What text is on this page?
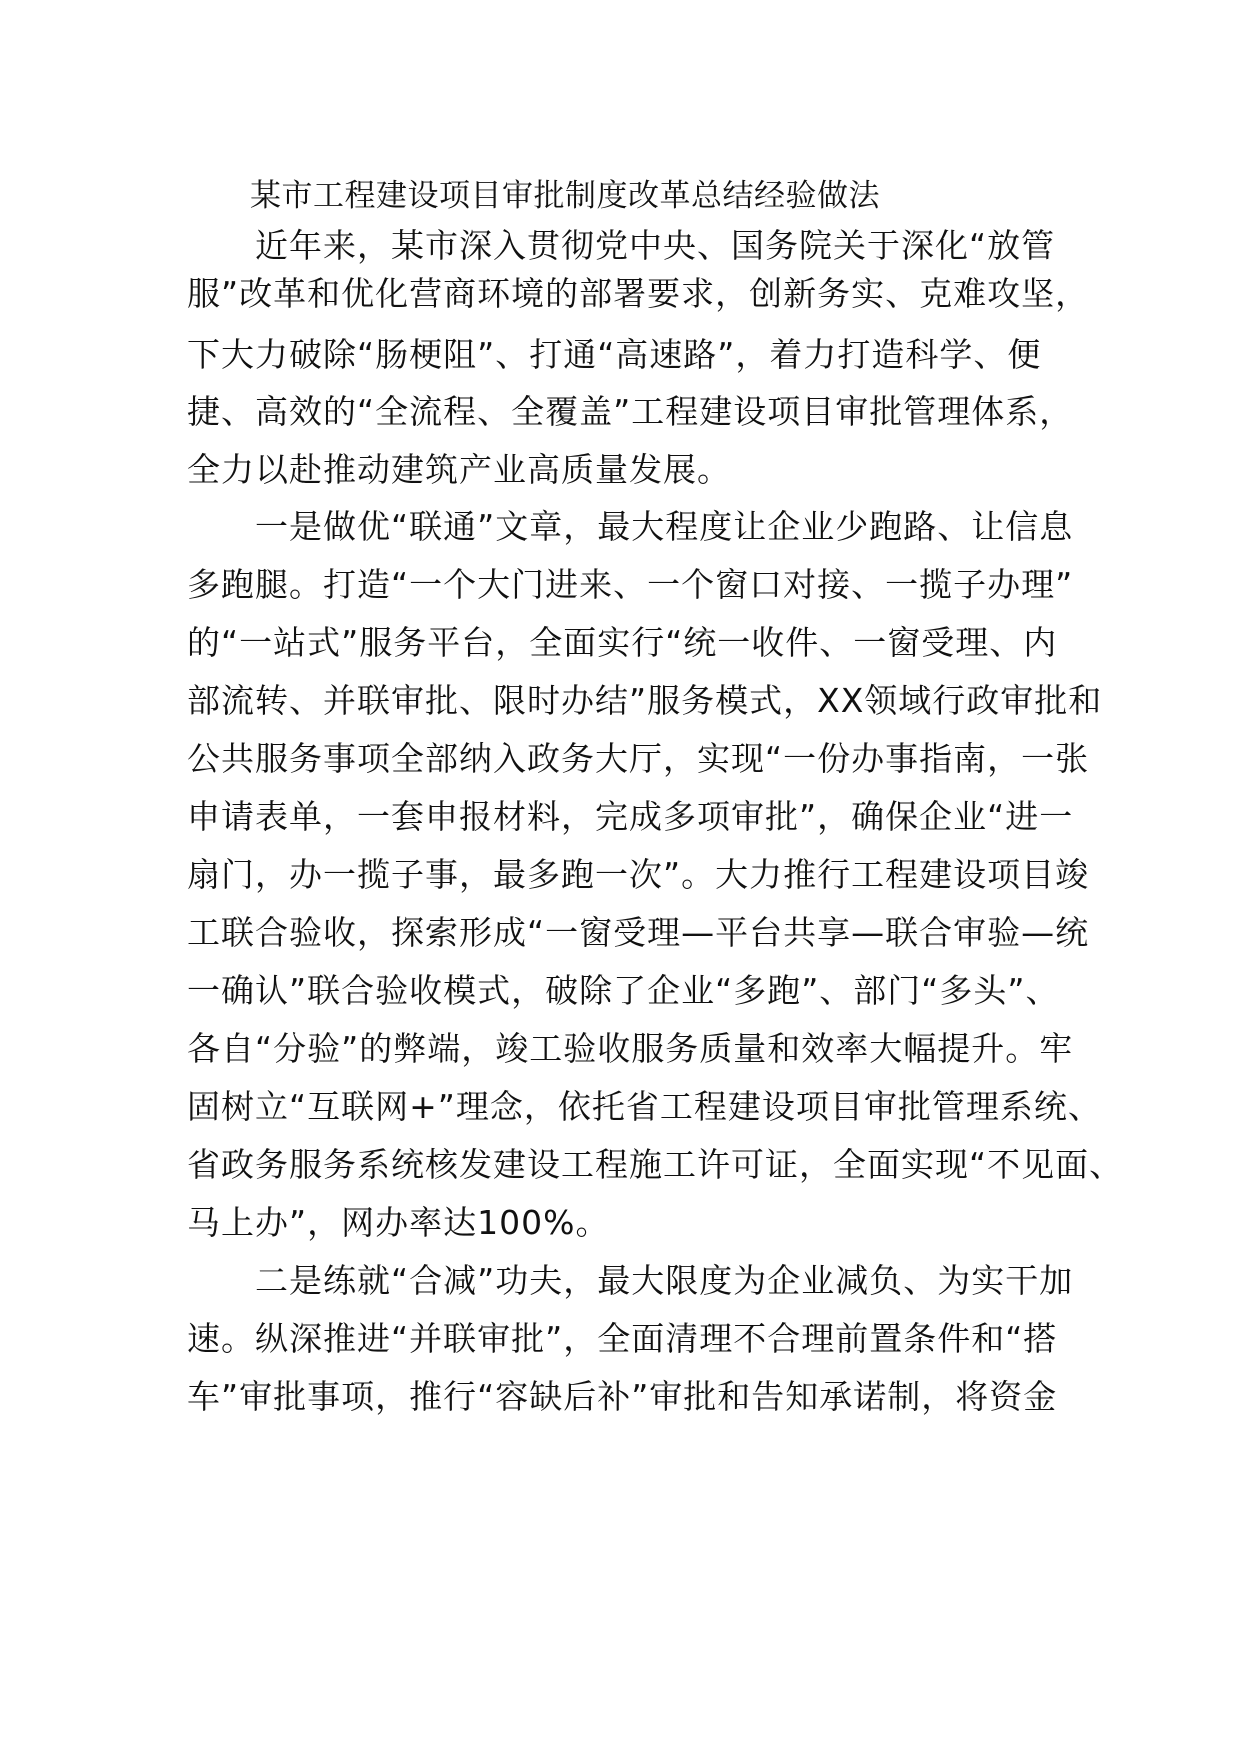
某市工程建设项目审批制度改革总结经验做法
　　近年来，某市深入贯彻党中央、国务院关于深化“放管
服”改革和优化营商环境的部署要求，创新务实、克难攻坚，
下大力破除“肠梗阻”、打通“高速路”，着力打造科学、便
捷、高效的“全流程、全覆盖”工程建设项目审批管理体系，
全力以赴推动建筑产业高质量发展。
　　一是做优“联通”文章，最大程度让企业少跑路、让信息
多跑腿。打造“一个大门进来、一个窗口对接、一揽子办理”
的“一站式”服务平台，全面实行“统一收件、一窗受理、内
部流转、并联审批、限时办结”服务模式，XX领域行政审批和
公共服务事项全部纳入政务大厅，实现“一份办事指南，一张
申请表单，一套申报材料，完成多项审批”，确保企业“进一
扇门，办一揽子事，最多跑一次”。大力推行工程建设项目竣
工联合验收，探索形成“一窗受理—平台共享—联合审验—统
一确认”联合验收模式，破除了企业“多跑”、部门“多头”、
各自“分验”的弊端，竣工验收服务质量和效率大幅提升。牢
固树立“互联网+”理念，依托省工程建设项目审批管理系统、
省政务服务系统核发建设工程施工许可证，全面实现“不见面、
马上办”，网办率达100%。
　　二是练就“合减”功夫，最大限度为企业减负、为实干加
速。纵深推进“并联审批”，全面清理不合理前置条件和“搭
车”审批事项，推行“容缺后补”审批和告知承诺制，将资金
